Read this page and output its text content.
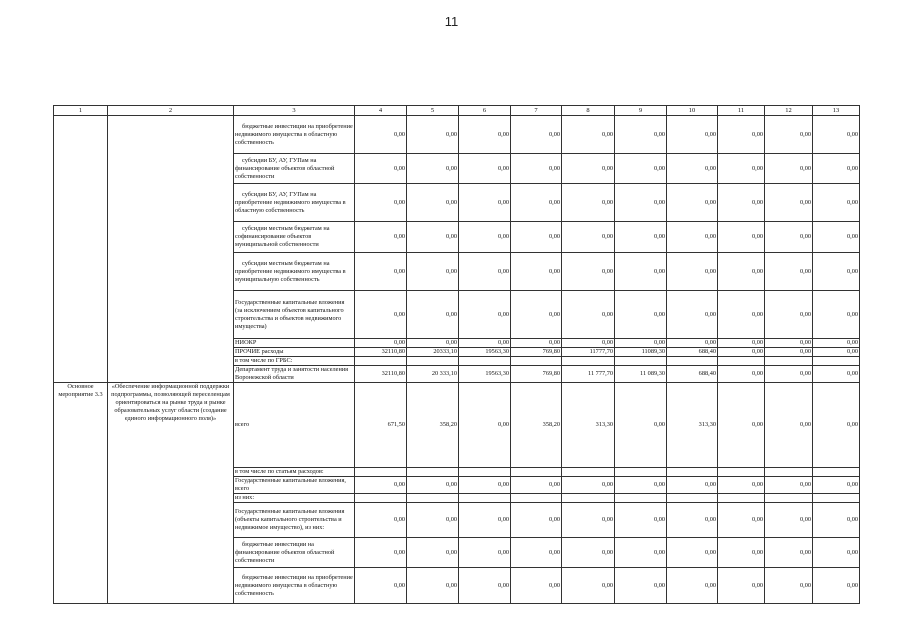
11
1	2	3	4	5	6	7	8	9	10	11	12	13
		бюджетные инвестиции на приобретение недвижимого имущества в областную собственность	0,00	0,00	0,00	0,00	0,00	0,00	0,00	0,00	0,00	0,00
		субсидии БУ, АУ, ГУПам на финансирование объектов областной собственности	0,00	0,00	0,00	0,00	0,00	0,00	0,00	0,00	0,00	0,00
		субсидии БУ, АУ, ГУПам на приобретение недвижимого имущества в областную собственность	0,00	0,00	0,00	0,00	0,00	0,00	0,00	0,00	0,00	0,00
		субсидии местным бюджетам на софинансирование объектов муниципальной собственности	0,00	0,00	0,00	0,00	0,00	0,00	0,00	0,00	0,00	0,00
		субсидии местным бюджетам на приобретение недвижимого имущества в муниципальную собственность	0,00	0,00	0,00	0,00	0,00	0,00	0,00	0,00	0,00	0,00
		Государственные капитальные вложения (за исключением объектов капитального строительства и объектов недвижимого имущества)	0,00	0,00	0,00	0,00	0,00	0,00	0,00	0,00	0,00	0,00
		НИОКР	0,00	0,00	0,00	0,00	0,00	0,00	0,00	0,00	0,00	0,00
		ПРОЧИЕ расходы	32110,80	20333,10	19563,30	769,80	11777,70	11089,30	688,40	0,00	0,00	0,00
		в том числе по ГРБС:										
		Департамент труда и занятости населения Воронежской области	32110,80	20 333,10	19563,30	769,80	11 777,70	11 089,30	688,40	0,00	0,00	0,00
Основное мероприятие 3.3	«Обеспечение информационной поддержки подпрограммы, позволяющей переселенцам ориентироваться на рынке труда и рынке образовательных услуг области (создание единого информационного поля)»	всего	671,50	358,20	0,00	358,20	313,30	0,00	313,30	0,00	0,00	0,00
		в том числе по статьям расходов:										
		Государственные капитальные вложения, всего	0,00	0,00	0,00	0,00	0,00	0,00	0,00	0,00	0,00	0,00
		из них:										
		Государственные капитальные вложения (объекты капитального строительства и недвижимое имущество), из них:	0,00	0,00	0,00	0,00	0,00	0,00	0,00	0,00	0,00	0,00
		бюджетные инвестиции на финансирование объектов областной собственности	0,00	0,00	0,00	0,00	0,00	0,00	0,00	0,00	0,00	0,00
		бюджетные инвестиции на приобретение недвижимого имущества в областную собственность	0,00	0,00	0,00	0,00	0,00	0,00	0,00	0,00	0,00	0,00
